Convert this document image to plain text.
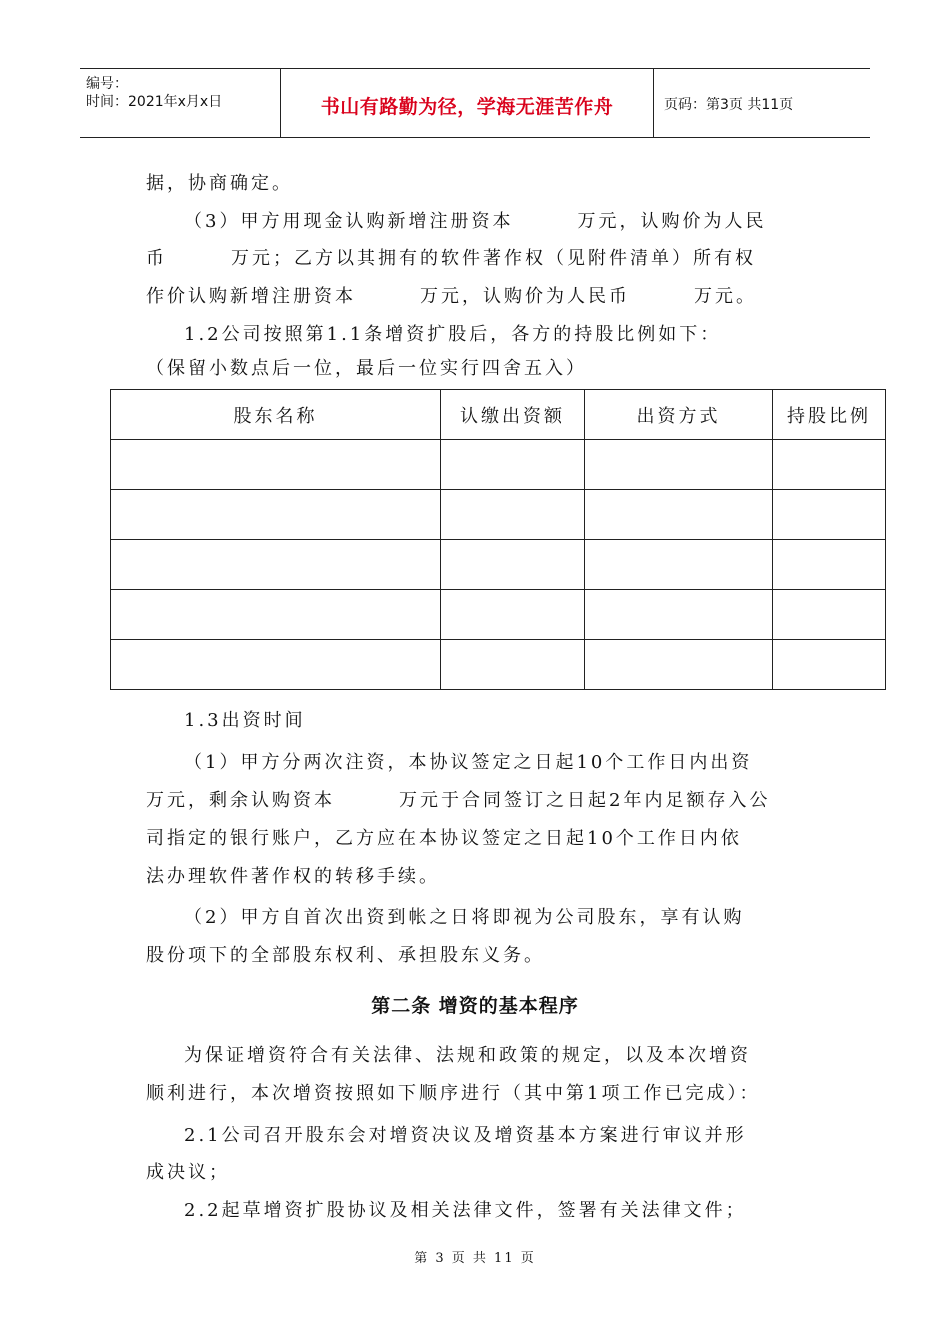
编号：
时间：2021年x月x日	书山有路勤为径，学海无涯苦作舟	页码：第3页 共11页
据，协商确定。
（3）甲方用现金认购新增注册资本	万元，认购价为人民
币	万元；乙方以其拥有的软件著作权（见附件清单）所有权
作价认购新增注册资本	万元，认购价为人民币	万元。
1.2公司按照第1.1条增资扩股后，各方的持股比例如下：
（保留小数点后一位，最后一位实行四舍五入）
股东名称	认缴出资额	出资方式	持股比例

1.3出资时间
（1）甲方分两次注资，本协议签定之日起10个工作日内出资
万元，剩余认购资本	万元于合同签订之日起2年内足额存入公
司指定的银行账户，乙方应在本协议签定之日起10个工作日内依
法办理软件著作权的转移手续。
（2）甲方自首次出资到帐之日将即视为公司股东，享有认购
股份项下的全部股东权利、承担股东义务。
第二条 增资的基本程序
为保证增资符合有关法律、法规和政策的规定，以及本次增资
顺利进行，本次增资按照如下顺序进行（其中第1项工作已完成）：
2.1公司召开股东会对增资决议及增资基本方案进行审议并形
成决议；
2.2起草增资扩股协议及相关法律文件，签署有关法律文件；
第 3 页 共 11 页
